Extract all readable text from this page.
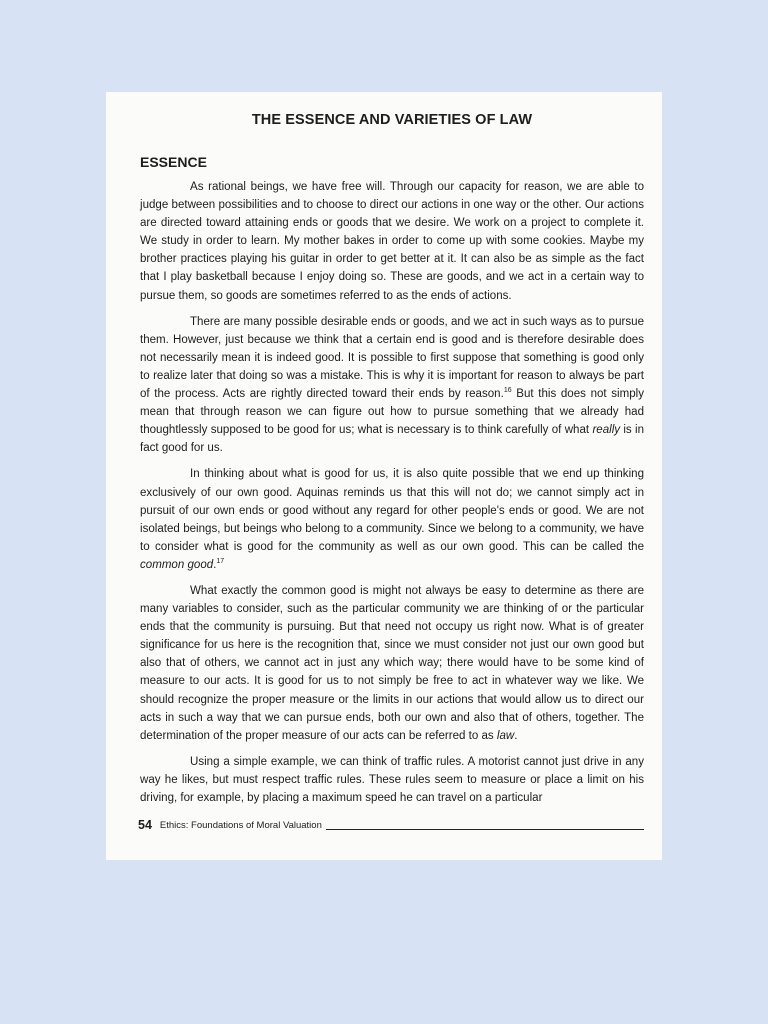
THE ESSENCE AND VARIETIES OF LAW
ESSENCE

As rational beings, we have free will. Through our capacity for reason, we are able to judge between possibilities and to choose to direct our actions in one way or the other. Our actions are directed toward attaining ends or goods that we desire. We work on a project to complete it. We study in order to learn. My mother bakes in order to come up with some cookies. Maybe my brother practices playing his guitar in order to get better at it. It can also be as simple as the fact that I play basketball because I enjoy doing so. These are goods, and we act in a certain way to pursue them, so goods are sometimes referred to as the ends of actions.

There are many possible desirable ends or goods, and we act in such ways as to pursue them. However, just because we think that a certain end is good and is therefore desirable does not necessarily mean it is indeed good. It is possible to first suppose that something is good only to realize later that doing so was a mistake. This is why it is important for reason to always be part of the process. Acts are rightly directed toward their ends by reason.$^{16}$ But this does not simply mean that through reason we can figure out how to pursue something that we already had thoughtlessly supposed to be good for us; what is necessary is to think carefully of what really is in fact good for us.

In thinking about what is good for us, it is also quite possible that we end up thinking exclusively of our own good. Aquinas reminds us that this will not do; we cannot simply act in pursuit of our own ends or good without any regard for other people's ends or good. We are not isolated beings, but beings who belong to a community. Since we belong to a community, we have to consider what is good for the community as well as our own good. This can be called the common good.$^{17}$

What exactly the common good is might not always be easy to determine as there are many variables to consider, such as the particular community we are thinking of or the particular ends that the community is pursuing. But that need not occupy us right now. What is of greater significance for us here is the recognition that, since we must consider not just our own good but also that of others, we cannot act in just any which way; there would have to be some kind of measure to our acts. It is good for us to not simply be free to act in whatever way we like. We should recognize the proper measure or the limits in our actions that would allow us to direct our acts in such a way that we can pursue ends, both our own and also that of others, together. The determination of the proper measure of our acts can be referred to as law.

Using a simple example, we can think of traffic rules. A motorist cannot just drive in any way he likes, but must respect traffic rules. These rules seem to measure or place a limit on his driving, for example, by placing a maximum speed he can travel on a particular

54 Ethics: Foundations of Moral Valuation
